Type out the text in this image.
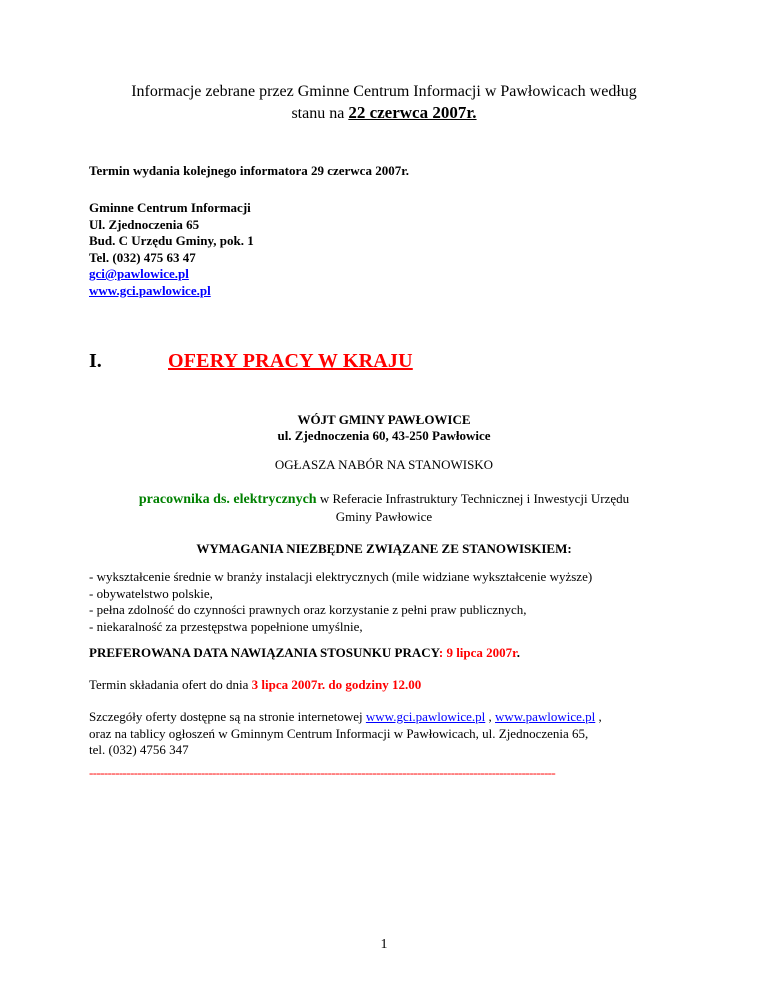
Informacje zebrane przez Gminne Centrum Informacji w Pawłowicach według
stanu na 22 czerwca 2007r.
Termin wydania kolejnego informatora 29 czerwca 2007r.
Gminne Centrum Informacji
Ul. Zjednoczenia 65
Bud. C Urzędu Gminy, pok. 1
Tel. (032) 475 63 47
gci@pawlowice.pl
www.gci.pawlowice.pl
I.	OFERY PRACY W KRAJU
WÓJT GMINY PAWŁOWICE
ul. Zjednoczenia 60, 43-250 Pawłowice
OGŁASZA NABÓR NA STANOWISKO
pracownika ds. elektrycznych w Referacie Infrastruktury Technicznej i Inwestycji Urzędu
Gminy Pawłowice
WYMAGANIA NIEZBĘDNE ZWIĄZANE ZE STANOWISKIEM:
- wykształcenie średnie w branży instalacji elektrycznych (mile widziane wykształcenie wyższe)
- obywatelstwo polskie,
- pełna zdolność do czynności prawnych oraz korzystanie z pełni praw publicznych,
- niekaralność za przestępstwa popełnione umyślnie,
PREFEROWANA DATA NAWIĄZANIA STOSUNKU PRACY: 9 lipca 2007r.
Termin składania ofert do dnia 3 lipca 2007r. do godziny 12.00
Szczegóły oferty dostępne są na stronie internetowej www.gci.pawlowice.pl , www.pawlowice.pl ,
oraz na tablicy ogłoszeń w Gminnym Centrum Informacji w Pawłowicach, ul. Zjednoczenia 65,
tel. (032) 4756 347
-----------------------------------------------------------------------------------------------------------------------------
1
